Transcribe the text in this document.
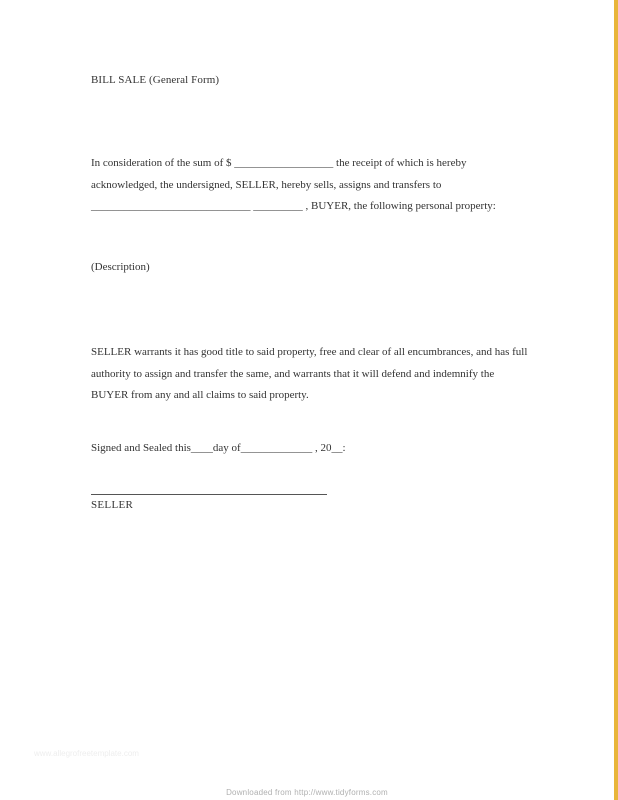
BILL SALE (General Form)

In consideration of the sum of $ __________________ the receipt of which is hereby acknowledged, the undersigned, SELLER, hereby sells, assigns and transfers to _____________________________ _________ , BUYER, the following personal property:

(Description)

SELLER warrants it has good title to said property, free and clear of all encumbrances, and has full authority to assign and transfer the same, and warrants that it will defend and indemnify the BUYER from any and all claims to said property.

Signed and Sealed this____day of_____________ , 20__:
SELLER
www.allegrofreetemplate.com
Downloaded from http://www.tidyforms.com
